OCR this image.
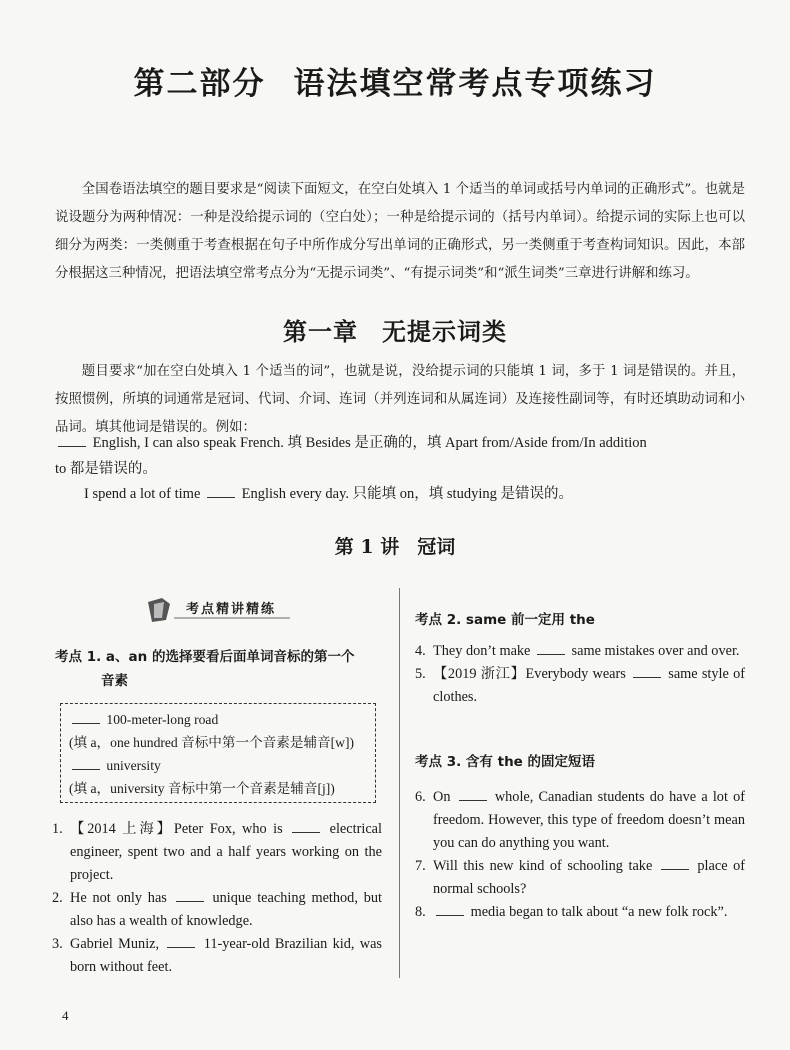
第二部分 语法填空常考点专项练习

全国卷语法填空的题目要求是“阅读下面短文，在空白处填入 1 个适当的单词或括号内单词的正确形式”。也就是说设题分为两种情况：一种是没给提示词的（空白处）；一种是给提示词的（括号内单词）。给提示词的实际上也可以细分为两类：一类侧重于考查根据在句子中所作成分写出单词的正确形式，另一类侧重于考查构词知识。因此，本部分根据这三种情况，把语法填空常考点分为“无提示词类”、“有提示词类”和“派生词类”三章进行讲解和练习。

第一章 无提示词类

题目要求“加在空白处填入 1 个适当的词”，也就是说，没给提示词的只能填 1 词，多于 1 词是错误的。并且，按照惯例，所填的词通常是冠词、代词、介词、连词（并列连词和从属连词）及连接性副词等，有时还填助动词和小品词。填其他词是错误的。例如：

English, I can also speak French. 填 Besides 是正确的，填 Apart from/Aside from/In addition
to 都是错误的。
I spend a lot of time  English every day. 只能填 on，填 studying 是错误的。
第 1 讲 冠词
考点精讲精练
考点 1. a、an 的选择要看后面单词音标的第一个
音素
100-meter-long road
(填 a，one hundred 音标中第一个音素是辅音[w])
university
(填 a，university 音标中第一个音素是辅音[j])
1. 【2014 上海】Peter Fox, who is  electrical engineer, spent two and a half years working on the project.
2. He not only has  unique teaching method, but also has a wealth of knowledge.
3. Gabriel Muniz,  11-year-old Brazilian kid, was born without feet.
考点 2. same 前一定用 the
4. They don’t make  same mistakes over and over.
5. 【2019 浙江】Everybody wears  same style of clothes.
考点 3. 含有 the 的固定短语
6. On  whole, Canadian students do have a lot of freedom. However, this type of freedom doesn’t mean you can do anything you want.
7. Will this new kind of schooling take  place of normal schools?
8.	media began to talk about “a new folk rock”.
4
